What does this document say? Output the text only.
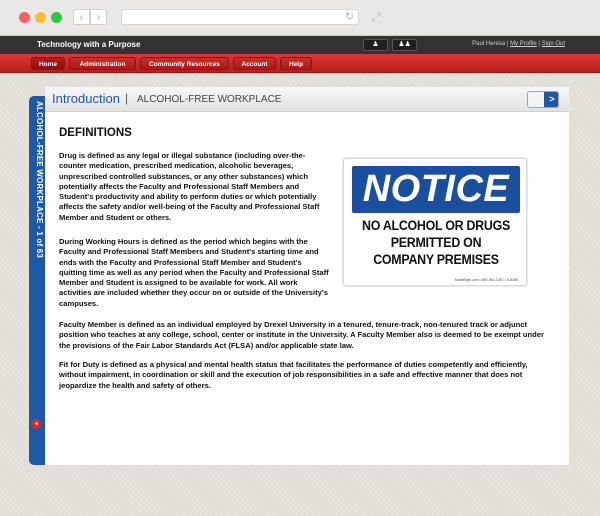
‹	›	↻ ⤢
Technology with a Purpose	♟	♟♟	Paul Heresa | My Profile | Sign Out
Home	Administration	Community Resources	Account	Help
ALCOHOL-FREE WORKPLACE - 1 of 63
◂
Introduction | ALCOHOL-FREE WORKPLACE	>
DEFINITIONS
Drug is defined as any legal or illegal substance (including over-the-counter medication, prescribed medication, alcoholic beverages, unprescribed controlled substances, or any other substances) which potentially affects the Faculty and Professional Staff Members and Student's productivity and ability to perform duties or which potentially affects the safety and/or well-being of the Faculty and Professional Staff Member and Student or others.
During Working Hours is defined as the period which begins with the Faculty and Professional Staff Members and Student's starting time and ends with the Faculty and Professional Staff Member and Student's quitting time as well as any period when the Faculty and Professional Staff Member and Student is assigned to be available for work. All work activities are included whether they occur on or outside of the University's campuses.
Faculty Member is defined as an individual employed by Drexel University in a tenured, tenure-track, non-tenured track or adjunct position who teaches at any college, school, center or institute in the University. A Faculty Member also is deemed to be exempt under the provisions of the Fair Labor Standards Act (FLSA) and/or applicable state law.
Fit for Duty is defined as a physical and mental health status that facilitates the performance of duties competently and efficiently, without impairment, in coordination or skill and the execution of job responsibilities in a safe and effective manner that does not jeopardize the health and safety of others.
NOTICE
NO ALCOHOL OR DRUGS
PERMITTED ON
COMPANY PREMISES
SmartSign.com • 800-952-1457 • S-6285
